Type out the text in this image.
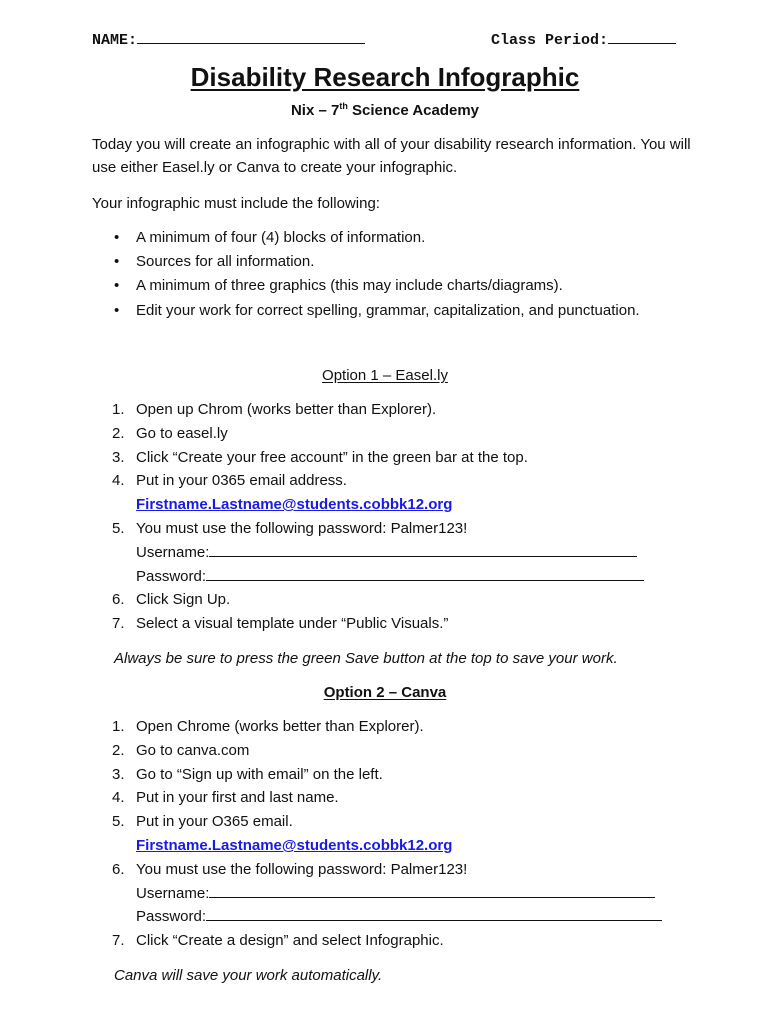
NAME:	Class Period:
Disability Research Infographic
Nix – 7th Science Academy
Today you will create an infographic with all of your disability research information. You will use either Easel.ly or Canva to create your infographic.
Your infographic must include the following:
• A minimum of four (4) blocks of information.
• Sources for all information.
• A minimum of three graphics (this may include charts/diagrams).
• Edit your work for correct spelling, grammar, capitalization, and punctuation.
Option 1 – Easel.ly
1. Open up Chrom (works better than Explorer).
2. Go to easel.ly
3. Click “Create your free account” in the green bar at the top.
4. Put in your 0365 email address.
Firstname.Lastname@students.cobbk12.org
5. You must use the following password: Palmer123!
Username:
Password:
6. Click Sign Up.
7. Select a visual template under “Public Visuals.”
Always be sure to press the green Save button at the top to save your work.
Option 2 – Canva
1. Open Chrome (works better than Explorer).
2. Go to canva.com
3. Go to “Sign up with email” on the left.
4. Put in your first and last name.
5. Put in your O365 email.
Firstname.Lastname@students.cobbk12.org
6. You must use the following password: Palmer123!
Username:
Password:
7. Click “Create a design” and select Infographic.
Canva will save your work automatically.
